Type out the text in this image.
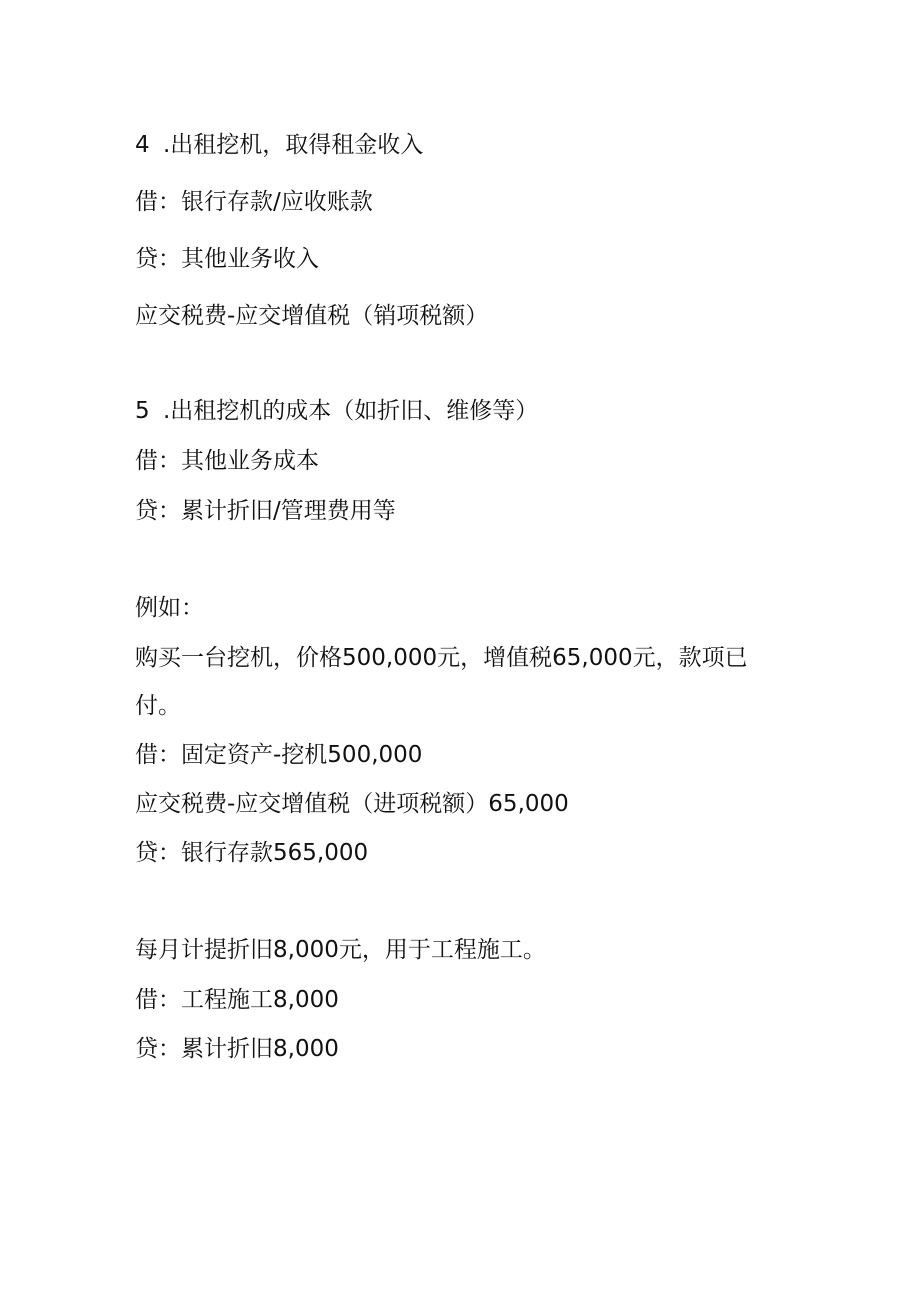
4 .出租挖机，取得租金收入
借：银行存款/应收账款
贷：其他业务收入
应交税费-应交增值税（销项税额）
5 .出租挖机的成本（如折旧、维修等）
借：其他业务成本
贷：累计折旧/管理费用等
例如：
购买一台挖机，价格500,000元，增值税65,000元，款项已
付。
借：固定资产-挖机500,000
应交税费-应交增值税（进项税额）65,000
贷：银行存款565,000
每月计提折旧8,000元，用于工程施工。
借：工程施工8,000
贷：累计折旧8,000
